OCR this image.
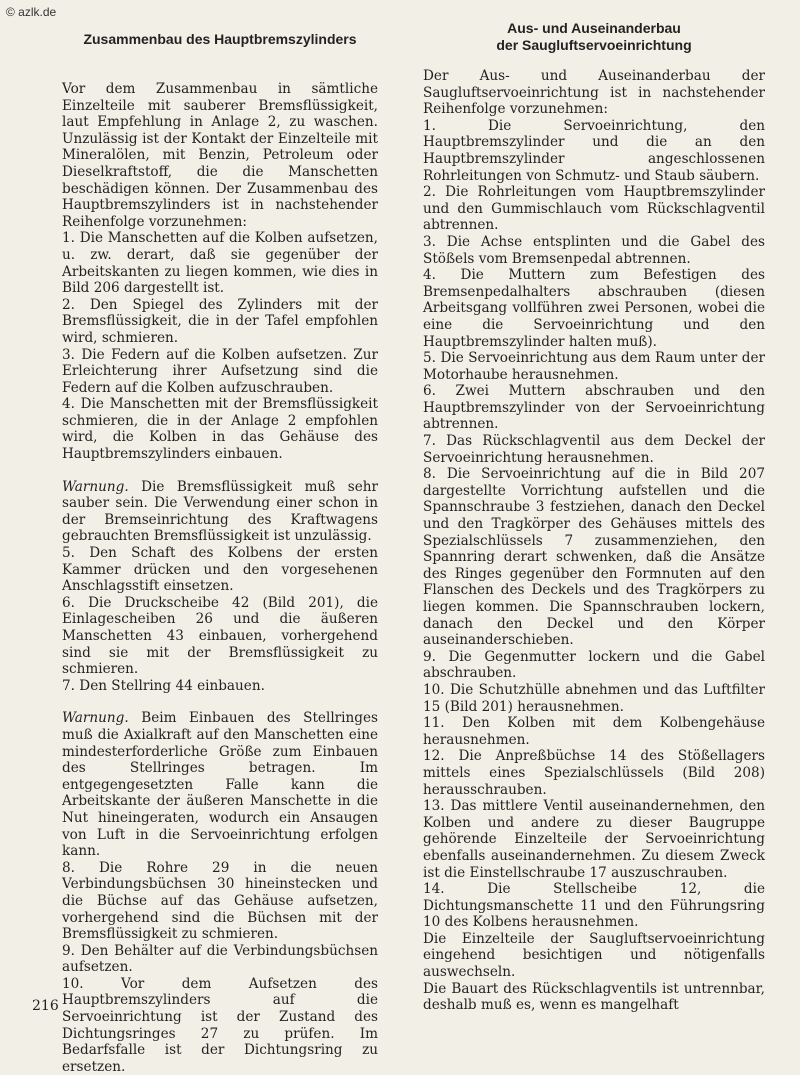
© azlk.de
Zusammenbau des Hauptbremszylinders

Vor dem Zusammenbau in sämtliche Einzelteile mit sauberer Bremsflüssigkeit, laut Empfehlung in Anlage 2, zu waschen. Unzulässig ist der Kontakt der Einzelteile mit Mineralölen, mit Benzin, Petroleum oder Dieselkraftstoff, die die Manschetten beschädigen können. Der Zusammenbau des Hauptbremszylinders ist in nachstehender Reihenfolge vorzunehmen:

1. Die Manschetten auf die Kolben aufsetzen, u. zw. derart, daß sie gegenüber der Arbeitskanten zu liegen kommen, wie dies in Bild 206 dargestellt ist.

2. Den Spiegel des Zylinders mit der Bremsflüssigkeit, die in der Tafel empfohlen wird, schmieren.

3. Die Federn auf die Kolben aufsetzen. Zur Erleichterung ihrer Aufsetzung sind die Federn auf die Kolben aufzuschrauben.

4. Die Manschetten mit der Bremsflüssigkeit schmieren, die in der Anlage 2 empfohlen wird, die Kolben in das Gehäuse des Hauptbremszylinders einbauen.

Warnung. Die Bremsflüssigkeit muß sehr sauber sein. Die Verwendung einer schon in der Bremseinrichtung des Kraftwagens gebrauchten Bremsflüssigkeit ist unzulässig.

5. Den Schaft des Kolbens der ersten Kammer drücken und den vorgesehenen Anschlagsstift einsetzen.

6. Die Druckscheibe 42 (Bild 201), die Einlagescheiben 26 und die äußeren Manschetten 43 einbauen, vorhergehend sind sie mit der Bremsflüssigkeit zu schmieren.

7. Den Stellring 44 einbauen.

Warnung. Beim Einbauen des Stellringes muß die Axialkraft auf den Manschetten eine mindesterforderliche Größe zum Einbauen des Stellringes betragen. Im entgegengesetzten Falle kann die Arbeitskante der äußeren Manschette in die Nut hineingeraten, wodurch ein Ansaugen von Luft in die Servoeinrichtung erfolgen kann.

8. Die Rohre 29 in die neuen Verbindungsbüchsen 30 hineinstecken und die Büchse auf das Gehäuse aufsetzen, vorhergehend sind die Büchsen mit der Bremsflüssigkeit zu schmieren.

9. Den Behälter auf die Verbindungsbüchsen aufsetzen.

10. Vor dem Aufsetzen des Hauptbremszylinders auf die Servoeinrichtung ist der Zustand des Dichtungsringes 27 zu prüfen. Im Bedarfsfalle ist der Dichtungsring zu ersetzen.

Aus- und Auseinanderbau
der Saugluftservoeinrichtung

Der Aus- und Auseinanderbau der Saugluftservoeinrichtung ist in nachstehender Reihenfolge vorzunehmen:

1. Die Servoeinrichtung, den Hauptbremszylinder und die an den Hauptbremszylinder angeschlossenen Rohrleitungen von Schmutz- und Staub säubern.

2. Die Rohrleitungen vom Hauptbremszylinder und den Gummischlauch vom Rückschlagventil abtrennen.

3. Die Achse entsplinten und die Gabel des Stößels vom Bremsenpedal abtrennen.

4. Die Muttern zum Befestigen des Bremsenpedalhalters abschrauben (diesen Arbeitsgang vollführen zwei Personen, wobei die eine die Servoeinrichtung und den Hauptbremszylinder halten muß).

5. Die Servoeinrichtung aus dem Raum unter der Motorhaube herausnehmen.

6. Zwei Muttern abschrauben und den Hauptbremszylinder von der Servoeinrichtung abtrennen.

7. Das Rückschlagventil aus dem Deckel der Servoeinrichtung herausnehmen.

8. Die Servoeinrichtung auf die in Bild 207 dargestellte Vorrichtung aufstellen und die Spannschraube 3 festziehen, danach den Deckel und den Tragkörper des Gehäuses mittels des Spezialschlüssels 7 zusammenziehen, den Spannring derart schwenken, daß die Ansätze des Ringes gegenüber den Formnuten auf den Flanschen des Deckels und des Tragkörpers zu liegen kommen. Die Spannschrauben lockern, danach den Deckel und den Körper auseinanderschieben.

9. Die Gegenmutter lockern und die Gabel abschrauben.

10. Die Schutzhülle abnehmen und das Luftfilter 15 (Bild 201) herausnehmen.

11. Den Kolben mit dem Kolbengehäuse herausnehmen.

12. Die Anpreßbüchse 14 des Stößellagers mittels eines Spezialschlüssels (Bild 208) herausschrauben.

13. Das mittlere Ventil auseinandernehmen, den Kolben und andere zu dieser Baugruppe gehörende Einzelteile der Servoeinrichtung ebenfalls auseinandernehmen. Zu diesem Zweck ist die Einstellschraube 17 auszuschrauben.

14. Die Stellscheibe 12, die Dichtungsmanschette 11 und den Führungsring 10 des Kolbens herausnehmen.

Die Einzelteile der Saugluftservoeinrichtung eingehend besichtigen und nötigenfalls auswechseln.

Die Bauart des Rückschlagventils ist untrennbar, deshalb muß es, wenn es mangelhaft

216
